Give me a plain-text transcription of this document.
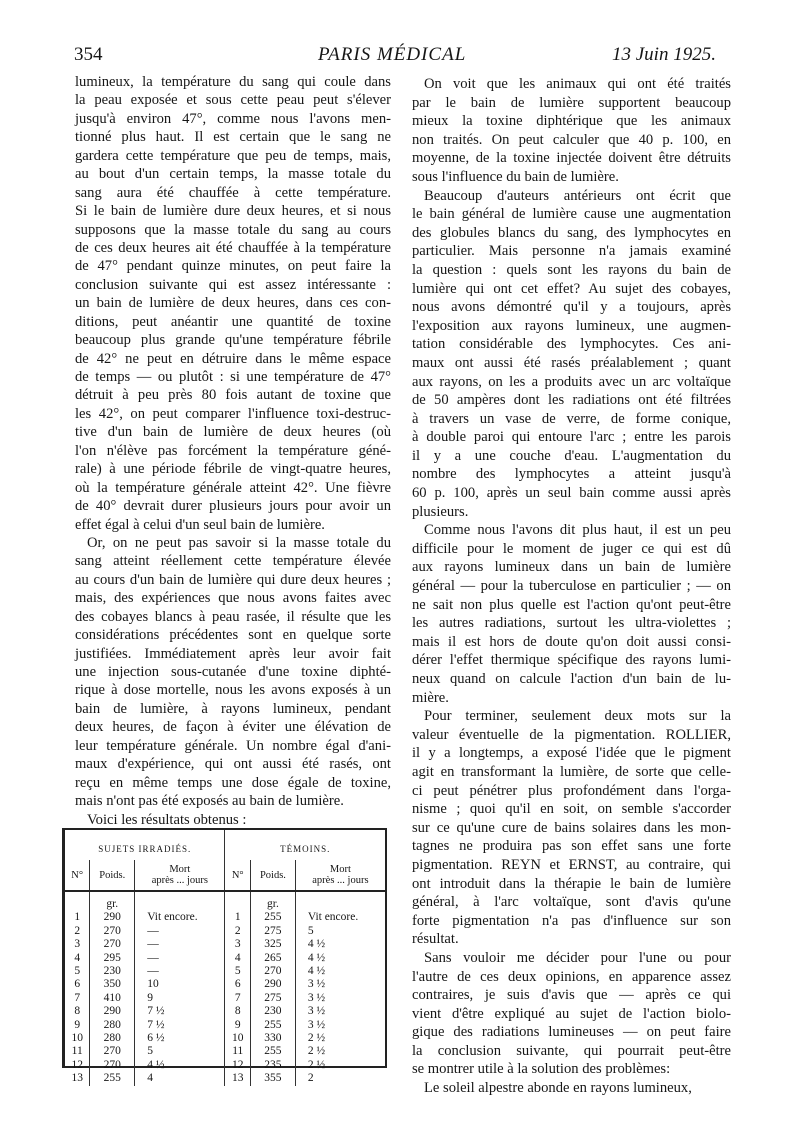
354	PARIS MÉDICAL	13 Juin 1925.
lumineux, la température du sang qui coule dans
la peau exposée et sous cette peau peut s'élever
jusqu'à environ 47°, comme nous l'avons men-
tionné plus haut. Il est certain que le sang ne
gardera cette température que peu de temps, mais,
au bout d'un certain temps, la masse totale du
sang aura été chauffée à cette température.
Si le bain de lumière dure deux heures, et si nous
supposons que la masse totale du sang au cours
de ces deux heures ait été chauffée à la température
de 47° pendant quinze minutes, on peut faire la
conclusion suivante qui est assez intéressante :
un bain de lumière de deux heures, dans ces con-
ditions, peut anéantir une quantité de toxine
beaucoup plus grande qu'une température fébrile
de 42° ne peut en détruire dans le même espace
de temps — ou plutôt : si une température de 47°
détruit à peu près 80 fois autant de toxine que
les 42°, on peut comparer l'influence toxi-destruc-
tive d'un bain de lumière de deux heures (où
l'on n'élève pas forcément la température géné-
rale) à une période fébrile de vingt-quatre heures,
où la température générale atteint 42°. Une fièvre
de 40° devrait durer plusieurs jours pour avoir un
effet égal à celui d'un seul bain de lumière.
Or, on ne peut pas savoir si la masse totale du
sang atteint réellement cette température élevée
au cours d'un bain de lumière qui dure deux heures ;
mais, des expériences que nous avons faites avec
des cobayes blancs à peau rasée, il résulte que les
considérations précédentes sont en quelque sorte
justifiées. Immédiatement après leur avoir fait
une injection sous-cutanée d'une toxine diphté-
rique à dose mortelle, nous les avons exposés à un
bain de lumière, à rayons lumineux, pendant
deux heures, de façon à éviter une élévation de
leur température générale. Un nombre égal d'ani-
maux d'expérience, qui ont aussi été rasés, ont
reçu en même temps une dose égale de toxine,
mais n'ont pas été exposés au bain de lumière.
Voici les résultats obtenus :
On voit que les animaux qui ont été traités
par le bain de lumière supportent beaucoup
mieux la toxine diphtérique que les animaux
non traités. On peut calculer que 40 p. 100, en
moyenne, de la toxine injectée doivent être détruits
sous l'influence du bain de lumière.
Beaucoup d'auteurs antérieurs ont écrit que
le bain général de lumière cause une augmentation
des globules blancs du sang, des lymphocytes en
particulier. Mais personne n'a jamais examiné
la question : quels sont les rayons du bain de
lumière qui ont cet effet? Au sujet des cobayes,
nous avons démontré qu'il y a toujours, après
l'exposition aux rayons lumineux, une augmen-
tation considérable des lymphocytes. Ces ani-
maux ont aussi été rasés préalablement ; quant
aux rayons, on les a produits avec un arc voltaïque
de 50 ampères dont les radiations ont été filtrées
à travers un vase de verre, de forme conique,
à double paroi qui entoure l'arc ; entre les parois
il y a une couche d'eau. L'augmentation du
nombre des lymphocytes a atteint jusqu'à
60 p. 100, après un seul bain comme aussi après
plusieurs.
Comme nous l'avons dit plus haut, il est un peu
difficile pour le moment de juger ce qui est dû
aux rayons lumineux dans un bain de lumière
général — pour la tuberculose en particulier ; — on
ne sait non plus quelle est l'action qu'ont peut-être
les autres radiations, surtout les ultra-violettes ;
mais il est hors de doute qu'on doit aussi consi-
dérer l'effet thermique spécifique des rayons lumi-
neux quand on calcule l'action d'un bain de lu-
mière.
Pour terminer, seulement deux mots sur la
valeur éventuelle de la pigmentation. ROLLIER,
il y a longtemps, a exposé l'idée que le pigment
agit en transformant la lumière, de sorte que celle-
ci peut pénétrer plus profondément dans l'orga-
nisme ; quoi qu'il en soit, on semble s'accorder
sur ce qu'une cure de bains solaires dans les mon-
tagnes ne produira pas son effet sans une forte
pigmentation. REYN et ERNST, au contraire, qui
ont introduit dans la thérapie le bain de lumière
général, à l'arc voltaïque, sont d'avis qu'une
forte pigmentation n'a pas d'influence sur son
résultat.
Sans vouloir me décider pour l'une ou pour
l'autre de ces deux opinions, en apparence assez
contraires, je suis d'avis que — après ce qui
vient d'être expliqué au sujet de l'action biolo-
gique des radiations lumineuses — on peut faire
la conclusion suivante, qui pourrait peut-être
se montrer utile à la solution des problèmes:
Le soleil alpestre abonde en rayons lumineux,
SUJETS IRRADIÉS.			TÉMOINS.		
N°	Poids.	Mort
après ... jours	N°	Poids.	Mort
après ... jours
	gr.			gr.	
1	290	Vit encore.	1	255	Vit encore.
2	270	—	2	275	5
3	270	—	3	325	4 ½
4	295	—	4	265	4 ½
5	230	—	5	270	4 ½
6	350	10	6	290	3 ½
7	410	9	7	275	3 ½
8	290	7 ½	8	230	3 ½
9	280	7 ½	9	255	3 ½
10	280	6 ½	10	330	2 ½
11	270	5	11	255	2 ½
12	270	4 ½	12	235	2 ½
13	255	4	13	355	2
